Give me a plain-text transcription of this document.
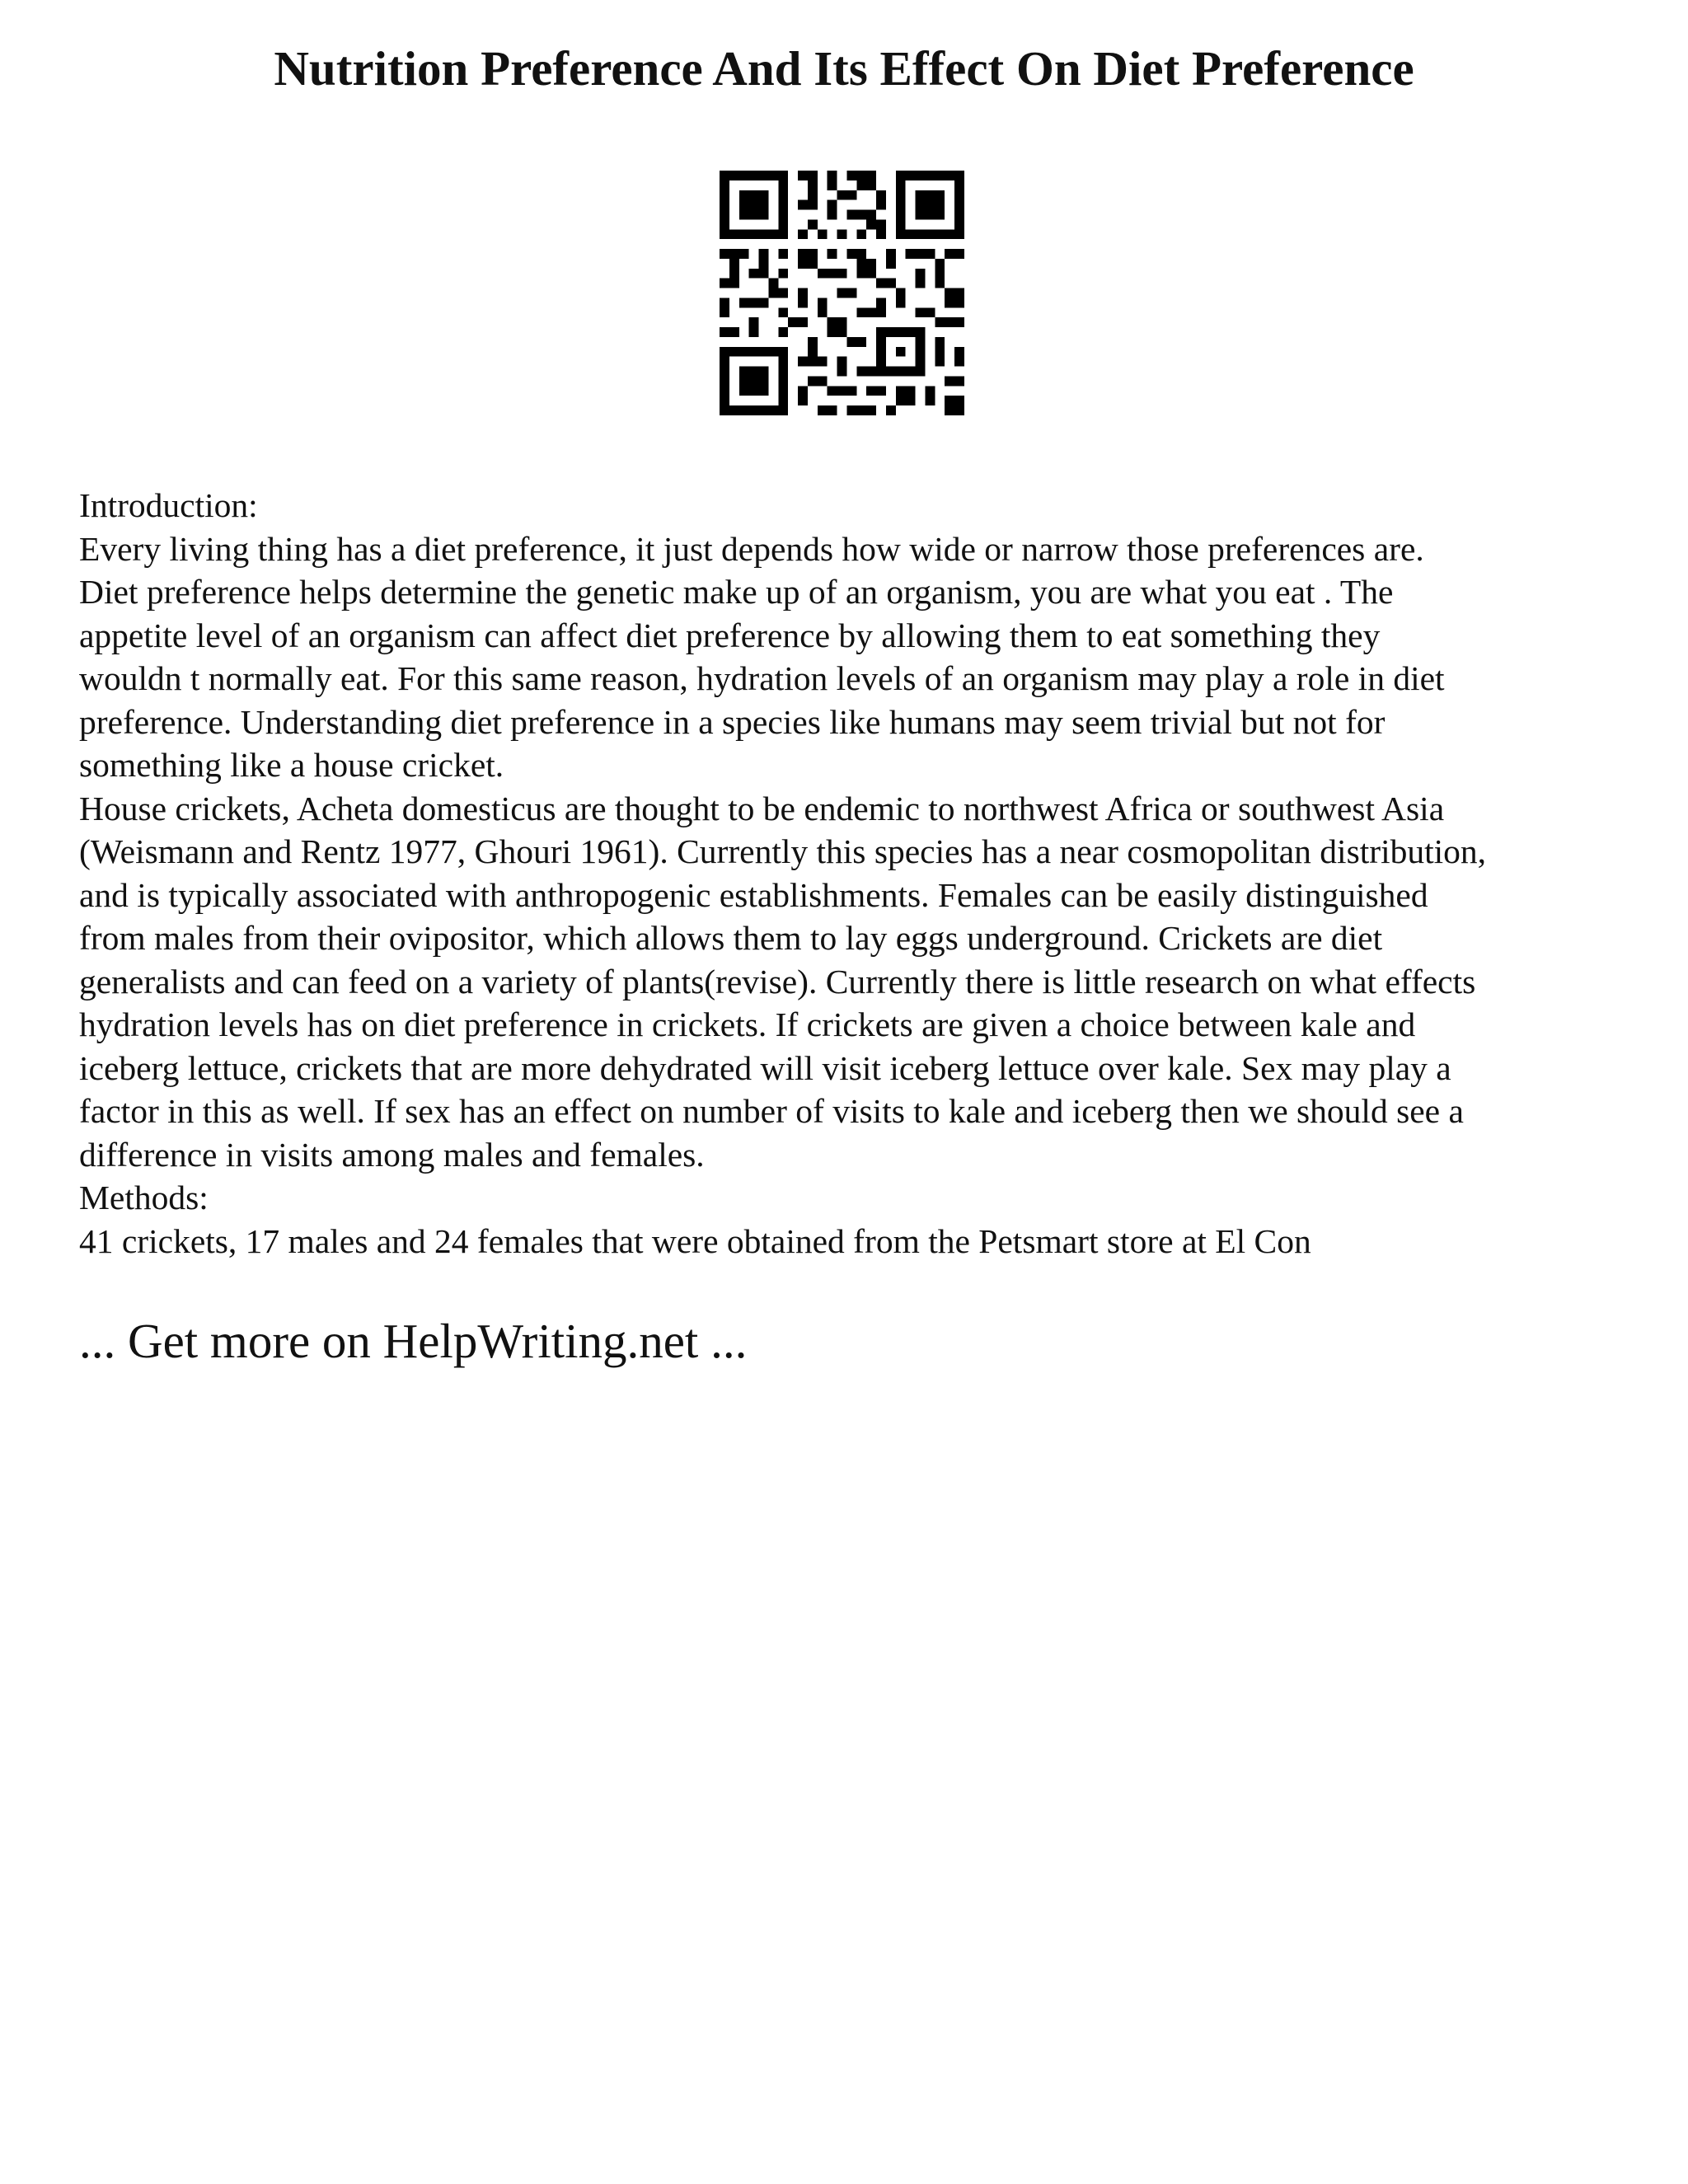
Nutrition Preference And Its Effect On Diet Preference
Introduction:
Every living thing has a diet preference, it just depends how wide or narrow those preferences are.
Diet preference helps determine the genetic make up of an organism, you are what you eat . The
appetite level of an organism can affect diet preference by allowing them to eat something they
wouldn t normally eat. For this same reason, hydration levels of an organism may play a role in diet
preference. Understanding diet preference in a species like humans may seem trivial but not for
something like a house cricket.
House crickets, Acheta domesticus are thought to be endemic to northwest Africa or southwest Asia
(Weismann and Rentz 1977, Ghouri 1961). Currently this species has a near cosmopolitan distribution,
and is typically associated with anthropogenic establishments. Females can be easily distinguished
from males from their ovipositor, which allows them to lay eggs underground. Crickets are diet
generalists and can feed on a variety of plants(revise). Currently there is little research on what effects
hydration levels has on diet preference in crickets. If crickets are given a choice between kale and
iceberg lettuce, crickets that are more dehydrated will visit iceberg lettuce over kale. Sex may play a
factor in this as well. If sex has an effect on number of visits to kale and iceberg then we should see a
difference in visits among males and females.
Methods:
41 crickets, 17 males and 24 females that were obtained from the Petsmart store at El Con
... Get more on HelpWriting.net ...
